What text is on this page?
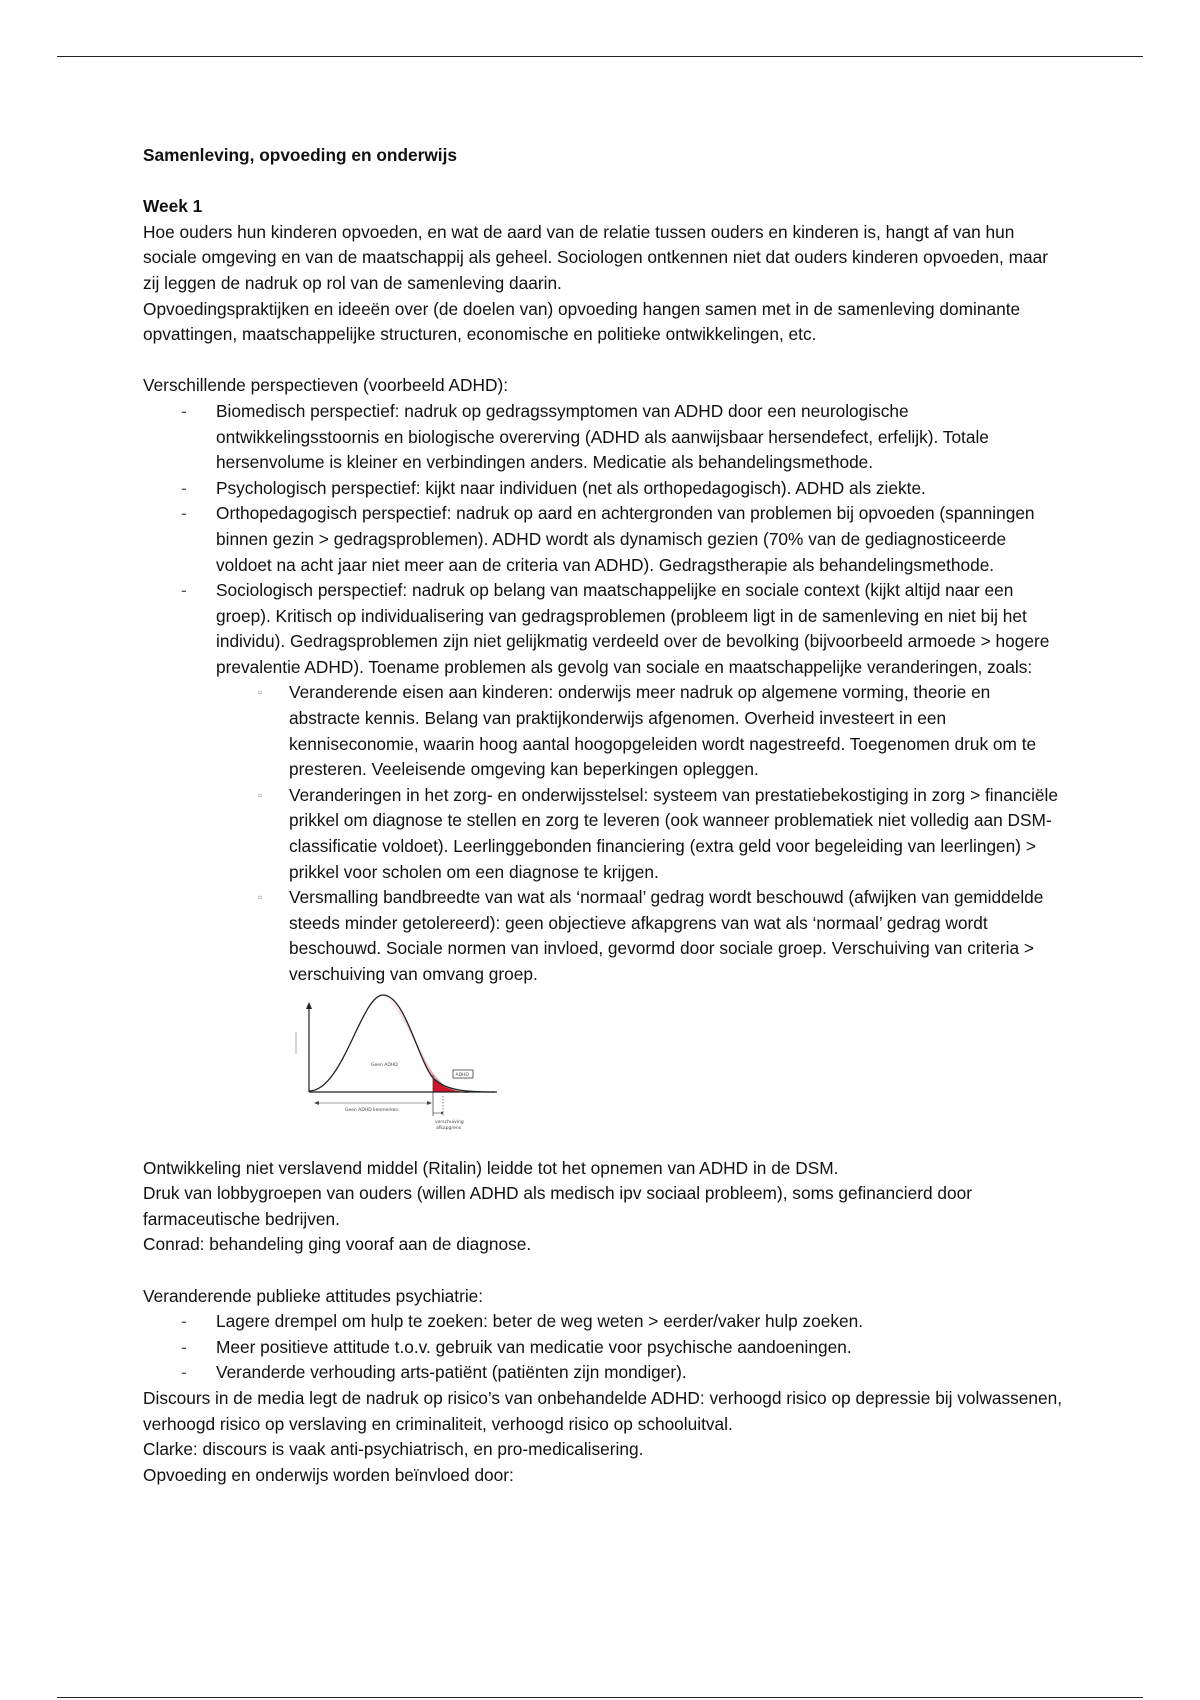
Samenleving, opvoeding en onderwijs

Week 1

Hoe ouders hun kinderen opvoeden, en wat de aard van de relatie tussen ouders en kinderen is, hangt af van hun sociale omgeving en van de maatschappij als geheel. Sociologen ontkennen niet dat ouders kinderen opvoeden, maar zij leggen de nadruk op rol van de samenleving daarin.

Opvoedingspraktijken en ideeën over (de doelen van) opvoeding hangen samen met in de samenleving dominante opvattingen, maatschappelijke structuren, economische en politieke ontwikkelingen, etc.

Verschillende perspectieven (voorbeeld ADHD):

- Biomedisch perspectief: nadruk op gedragssymptomen van ADHD door een neurologische ontwikkelingsstoornis en biologische overerving (ADHD als aanwijsbaar hersendefect, erfelijk). Totale hersenvolume is kleiner en verbindingen anders. Medicatie als behandelingsmethode.
- Psychologisch perspectief: kijkt naar individuen (net als orthopedagogisch). ADHD als ziekte.
- Orthopedagogisch perspectief: nadruk op aard en achtergronden van problemen bij opvoeden (spanningen binnen gezin > gedragsproblemen). ADHD wordt als dynamisch gezien (70% van de gediagnosticeerde voldoet na acht jaar niet meer aan de criteria van ADHD). Gedragstherapie als behandelingsmethode.
- Sociologisch perspectief: nadruk op belang van maatschappelijke en sociale context (kijkt altijd naar een groep). Kritisch op individualisering van gedragsproblemen (probleem ligt in de samenleving en niet bij het individu). Gedragsproblemen zijn niet gelijkmatig verdeeld over de bevolking (bijvoorbeeld armoede > hogere prevalentie ADHD). Toename problemen als gevolg van sociale en maatschappelijke veranderingen, zoals:
▫ Veranderende eisen aan kinderen: onderwijs meer nadruk op algemene vorming, theorie en abstracte kennis. Belang van praktijkonderwijs afgenomen. Overheid investeert in een kenniseconomie, waarin hoog aantal hoogopgeleiden wordt nagestreefd. Toegenomen druk om te presteren. Veeleisende omgeving kan beperkingen opleggen.
▫ Veranderingen in het zorg- en onderwijsstelsel: systeem van prestatiebekostiging in zorg > financiële prikkel om diagnose te stellen en zorg te leveren (ook wanneer problematiek niet volledig aan DSM-classificatie voldoet). Leerlinggebonden financiering (extra geld voor begeleiding van leerlingen) > prikkel voor scholen om een diagnose te krijgen.
▫ Versmalling bandbreedte van wat als ‘normaal’ gedrag wordt beschouwd (afwijken van gemiddelde steeds minder getolereerd): geen objectieve afkapgrens van wat als ‘normaal’ gedrag wordt beschouwd. Sociale normen van invloed, gevormd door sociale groep. Verschuiving van criteria > verschuiving van omvang groep.
Geen ADHD
ADHD
Geen ADHD kenmerken
verschuiving
afkapgrens

Ontwikkeling niet verslavend middel (Ritalin) leidde tot het opnemen van ADHD in de DSM.

Druk van lobbygroepen van ouders (willen ADHD als medisch ipv sociaal probleem), soms gefinancierd door farmaceutische bedrijven.

Conrad: behandeling ging vooraf aan de diagnose.

Veranderende publieke attitudes psychiatrie:

- Lagere drempel om hulp te zoeken: beter de weg weten > eerder/vaker hulp zoeken.
- Meer positieve attitude t.o.v. gebruik van medicatie voor psychische aandoeningen.
- Veranderde verhouding arts-patiënt (patiënten zijn mondiger).

Discours in de media legt de nadruk op risico’s van onbehandelde ADHD: verhoogd risico op depressie bij volwassenen, verhoogd risico op verslaving en criminaliteit, verhoogd risico op schooluitval.

Clarke: discours is vaak anti-psychiatrisch, en pro-medicalisering.

Opvoeding en onderwijs worden beïnvloed door:
